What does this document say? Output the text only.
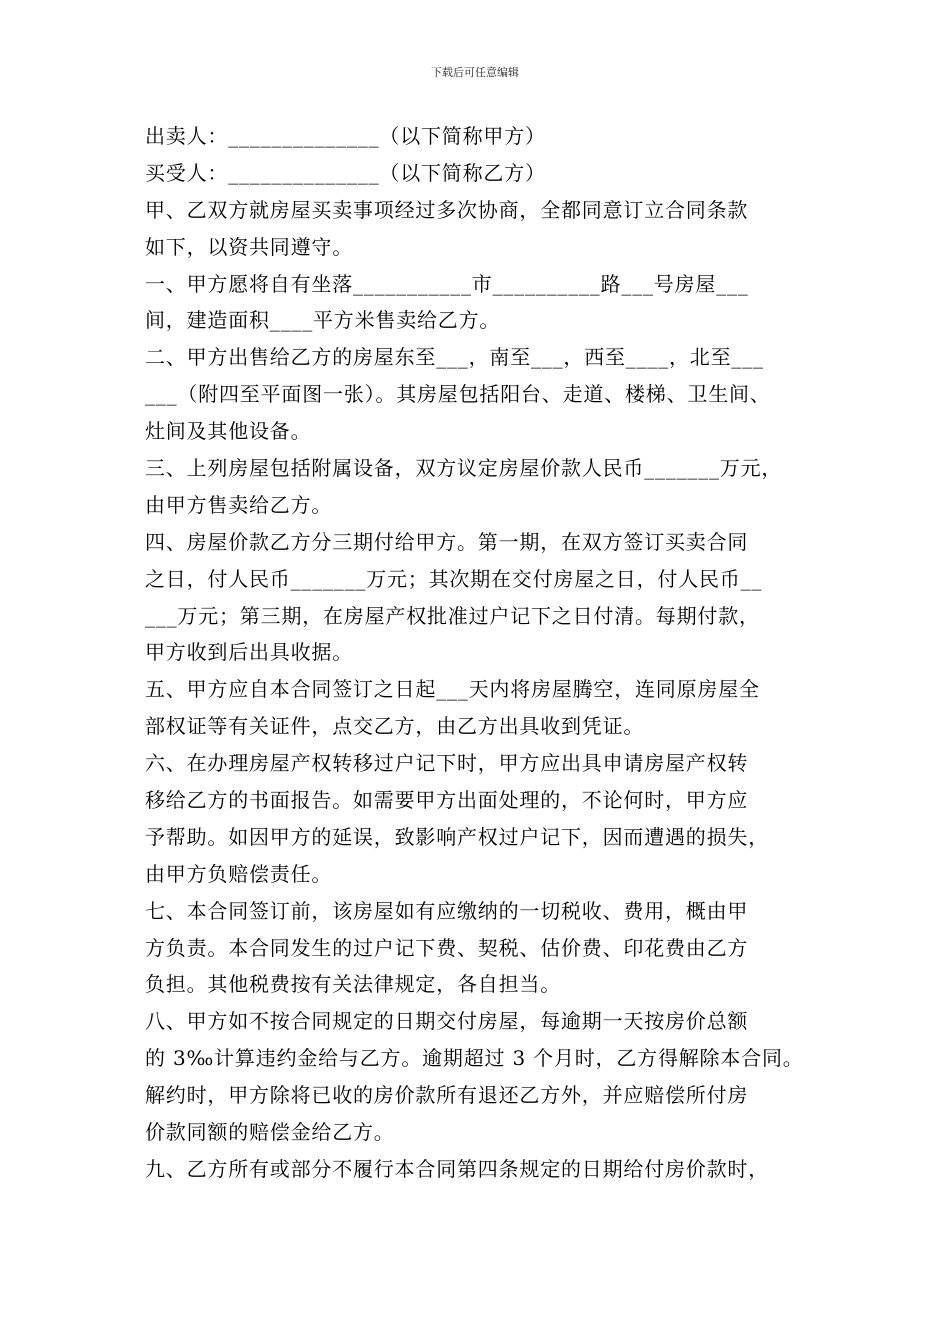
下载后可任意编辑
出卖人：______________（以下简称甲方）
买受人：______________（以下简称乙方）
甲、乙双方就房屋买卖事项经过多次协商，全都同意订立合同条款
如下，以资共同遵守。
一、甲方愿将自有坐落___________市__________路___号房屋___
间，建造面积____平方米售卖给乙方。
二、甲方出售给乙方的房屋东至___，南至___，西至____，北至___
___（附四至平面图一张）。其房屋包括阳台、走道、楼梯、卫生间、
灶间及其他设备。
三、上列房屋包括附属设备，双方议定房屋价款人民币_______万元，
由甲方售卖给乙方。
四、房屋价款乙方分三期付给甲方。第一期，在双方签订买卖合同
之日，付人民币_______万元；其次期在交付房屋之日，付人民币__
___万元；第三期，在房屋产权批准过户记下之日付清。每期付款，
甲方收到后出具收据。
五、甲方应自本合同签订之日起___天内将房屋腾空，连同原房屋全
部权证等有关证件，点交乙方，由乙方出具收到凭证。
六、在办理房屋产权转移过户记下时，甲方应出具申请房屋产权转
移给乙方的书面报告。如需要甲方出面处理的，不论何时，甲方应
予帮助。如因甲方的延误，致影响产权过户记下，因而遭遇的损失，
由甲方负赔偿责任。
七、本合同签订前，该房屋如有应缴纳的一切税收、费用，概由甲
方负责。本合同发生的过户记下费、契税、估价费、印花费由乙方
负担。其他税费按有关法律规定，各自担当。
八、甲方如不按合同规定的日期交付房屋，每逾期一天按房价总额
的 3‰计算违约金给与乙方。逾期超过 3 个月时，乙方得解除本合同。
解约时，甲方除将已收的房价款所有退还乙方外，并应赔偿所付房
价款同额的赔偿金给乙方。
九、乙方所有或部分不履行本合同第四条规定的日期给付房价款时，
